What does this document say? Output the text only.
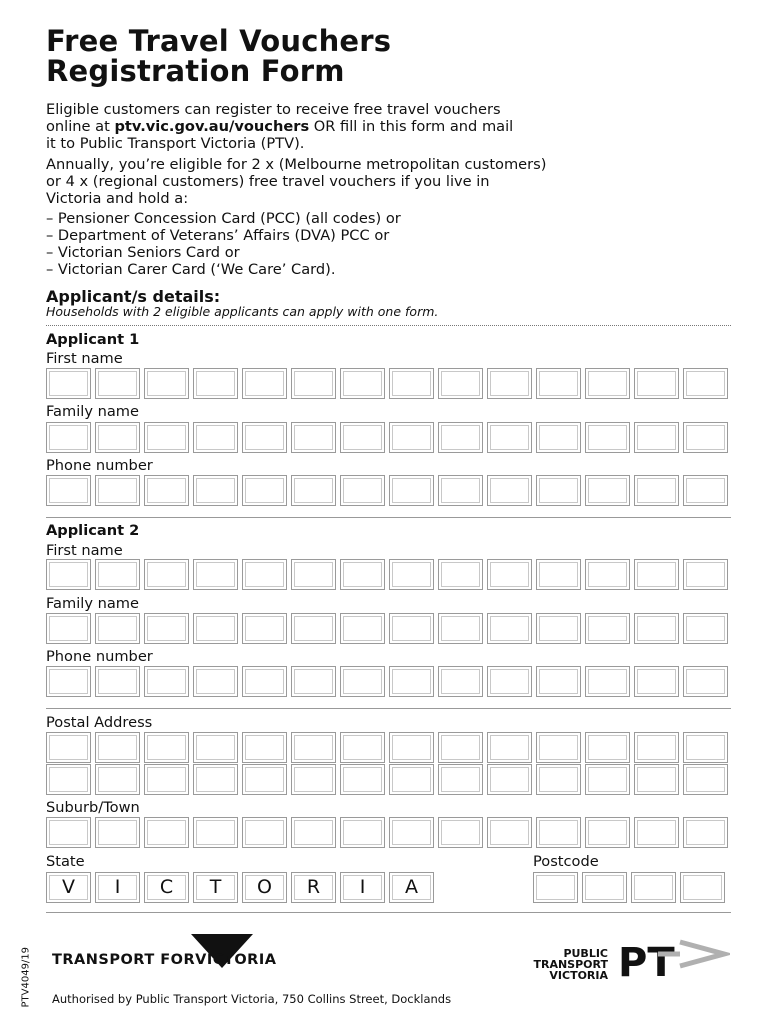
Free Travel Vouchers
Registration Form
Eligible customers can register to receive free travel vouchers
online at ptv.vic.gov.au/vouchers OR fill in this form and mail
it to Public Transport Victoria (PTV).
Annually, you’re eligible for 2 x (Melbourne metropolitan customers)
or 4 x (regional customers) free travel vouchers if you live in
Victoria and hold a:
– Pensioner Concession Card (PCC) (all codes) or
– Department of Veterans’ Affairs (DVA) PCC or
– Victorian Seniors Card or
– Victorian Carer Card (‘We Care’ Card).
Applicant/s details:
Households with 2 eligible applicants can apply with one form.
Applicant 1
First name
Family name
Phone number
Applicant 2
First name
Family name
Phone number
Postal Address
Suburb/Town
State	Postcode
V	I	C	T	O	R	I	A
TRANSPORT FOR VICTORIA	PUBLIC
TRANSPORT
VICTORIA PT
Authorised by Public Transport Victoria, 750 Collins Street, Docklands
PTV4049/19
